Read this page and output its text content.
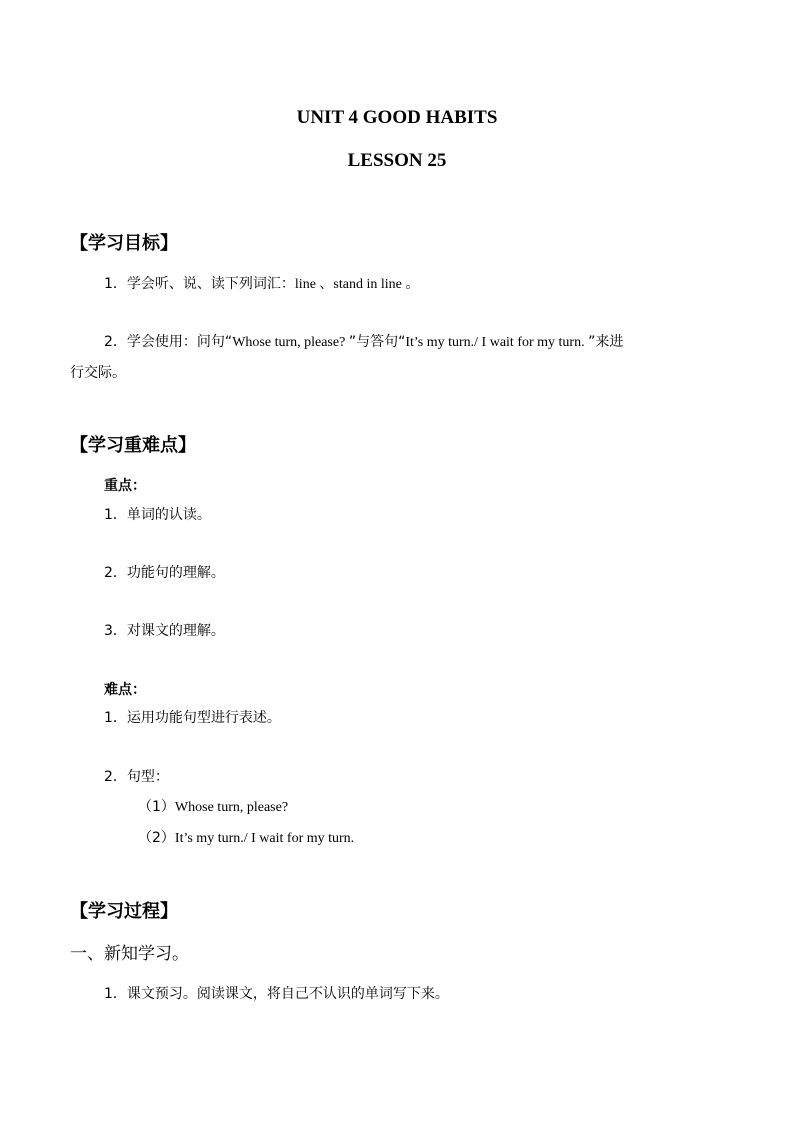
UNIT 4 GOOD HABITS
LESSON 25
【学习目标】
1．学会听、说、读下列词汇：line 、stand in line 。
2．学会使用：问句“Whose turn, please? ”与答句“It’s my turn./ I wait for my turn. ”来进
行交际。
【学习重难点】
重点：
1．单词的认读。
2．功能句的理解。
3．对课文的理解。
难点：
1．运用功能句型进行表述。
2．句型：
（1）Whose turn, please?
（2）It’s my turn./ I wait for my turn.
【学习过程】
一、新知学习。
1．课文预习。阅读课文，将自己不认识的单词写下来。
